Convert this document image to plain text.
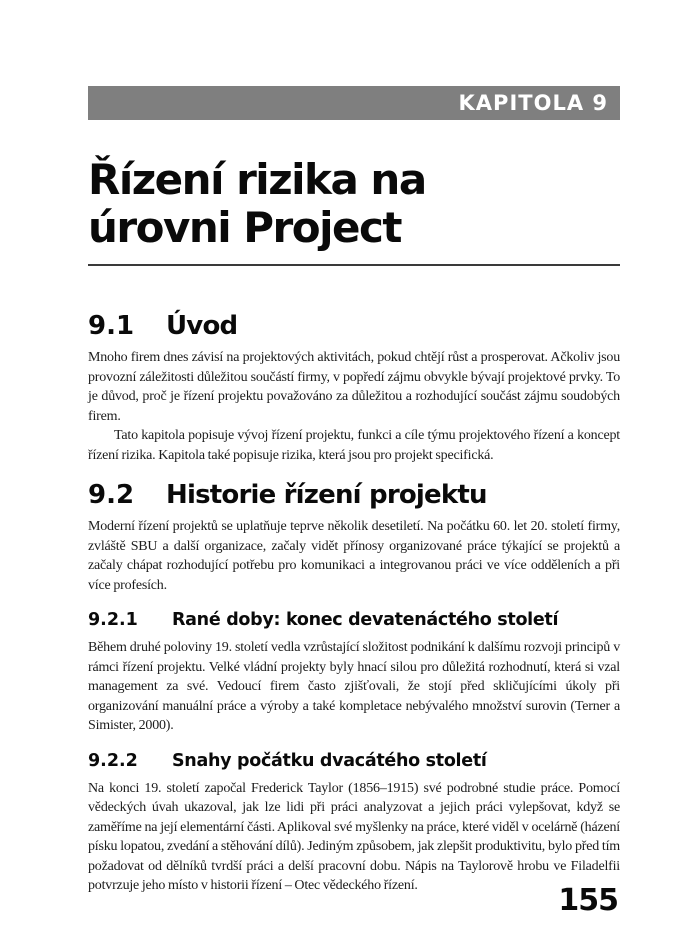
KAPITOLA 9
Řízení rizika na
úrovni Project
9.1	Úvod

Mnoho firem dnes závisí na projektových aktivitách, pokud chtějí růst a prosperovat. Ačkoliv jsou provozní záležitosti důležitou součástí firmy, v popředí zájmu obvykle bývají projektové prvky. To je důvod, proč je řízení projektu považováno za důležitou a rozhodující součást zájmu soudobých firem.

Tato kapitola popisuje vývoj řízení projektu, funkci a cíle týmu projektového řízení a koncept řízení rizika. Kapitola také popisuje rizika, která jsou pro projekt specifická.

9.2	Historie řízení projektu

Moderní řízení projektů se uplatňuje teprve několik desetiletí. Na počátku 60. let 20. století firmy, zvláště SBU a další organizace, začaly vidět přínosy organizované práce týkající se projektů a začaly chápat rozhodující potřebu pro komunikaci a integrovanou práci ve více odděleních a při více profesích.

9.2.1	Rané doby: konec devatenáctého století

Během druhé poloviny 19. století vedla vzrůstající složitost podnikání k dalšímu rozvoji principů v rámci řízení projektu. Velké vládní projekty byly hnací silou pro důležitá rozhodnutí, která si vzal management za své. Vedoucí firem často zjišťovali, že stojí před skličujícími úkoly při organizování manuální práce a výroby a také kompletace nebývalého množství surovin (Terner a Simister, 2000).

9.2.2	Snahy počátku dvacátého století

Na konci 19. století započal Frederick Taylor (1856–1915) své podrobné studie práce. Pomocí vědeckých úvah ukazoval, jak lze lidi při práci analyzovat a jejich práci vylepšovat, když se zaměříme na její elementární části. Aplikoval své myšlenky na práce, které viděl v ocelárně (házení písku lopatou, zvedání a stěhování dílů). Jediným způsobem, jak zlepšit produktivitu, bylo před tím požadovat od dělníků tvrdší práci a delší pracovní dobu. Nápis na Taylorově hrobu ve Filadelfii potvrzuje jeho místo v historii řízení – Otec vědeckého řízení.	155
